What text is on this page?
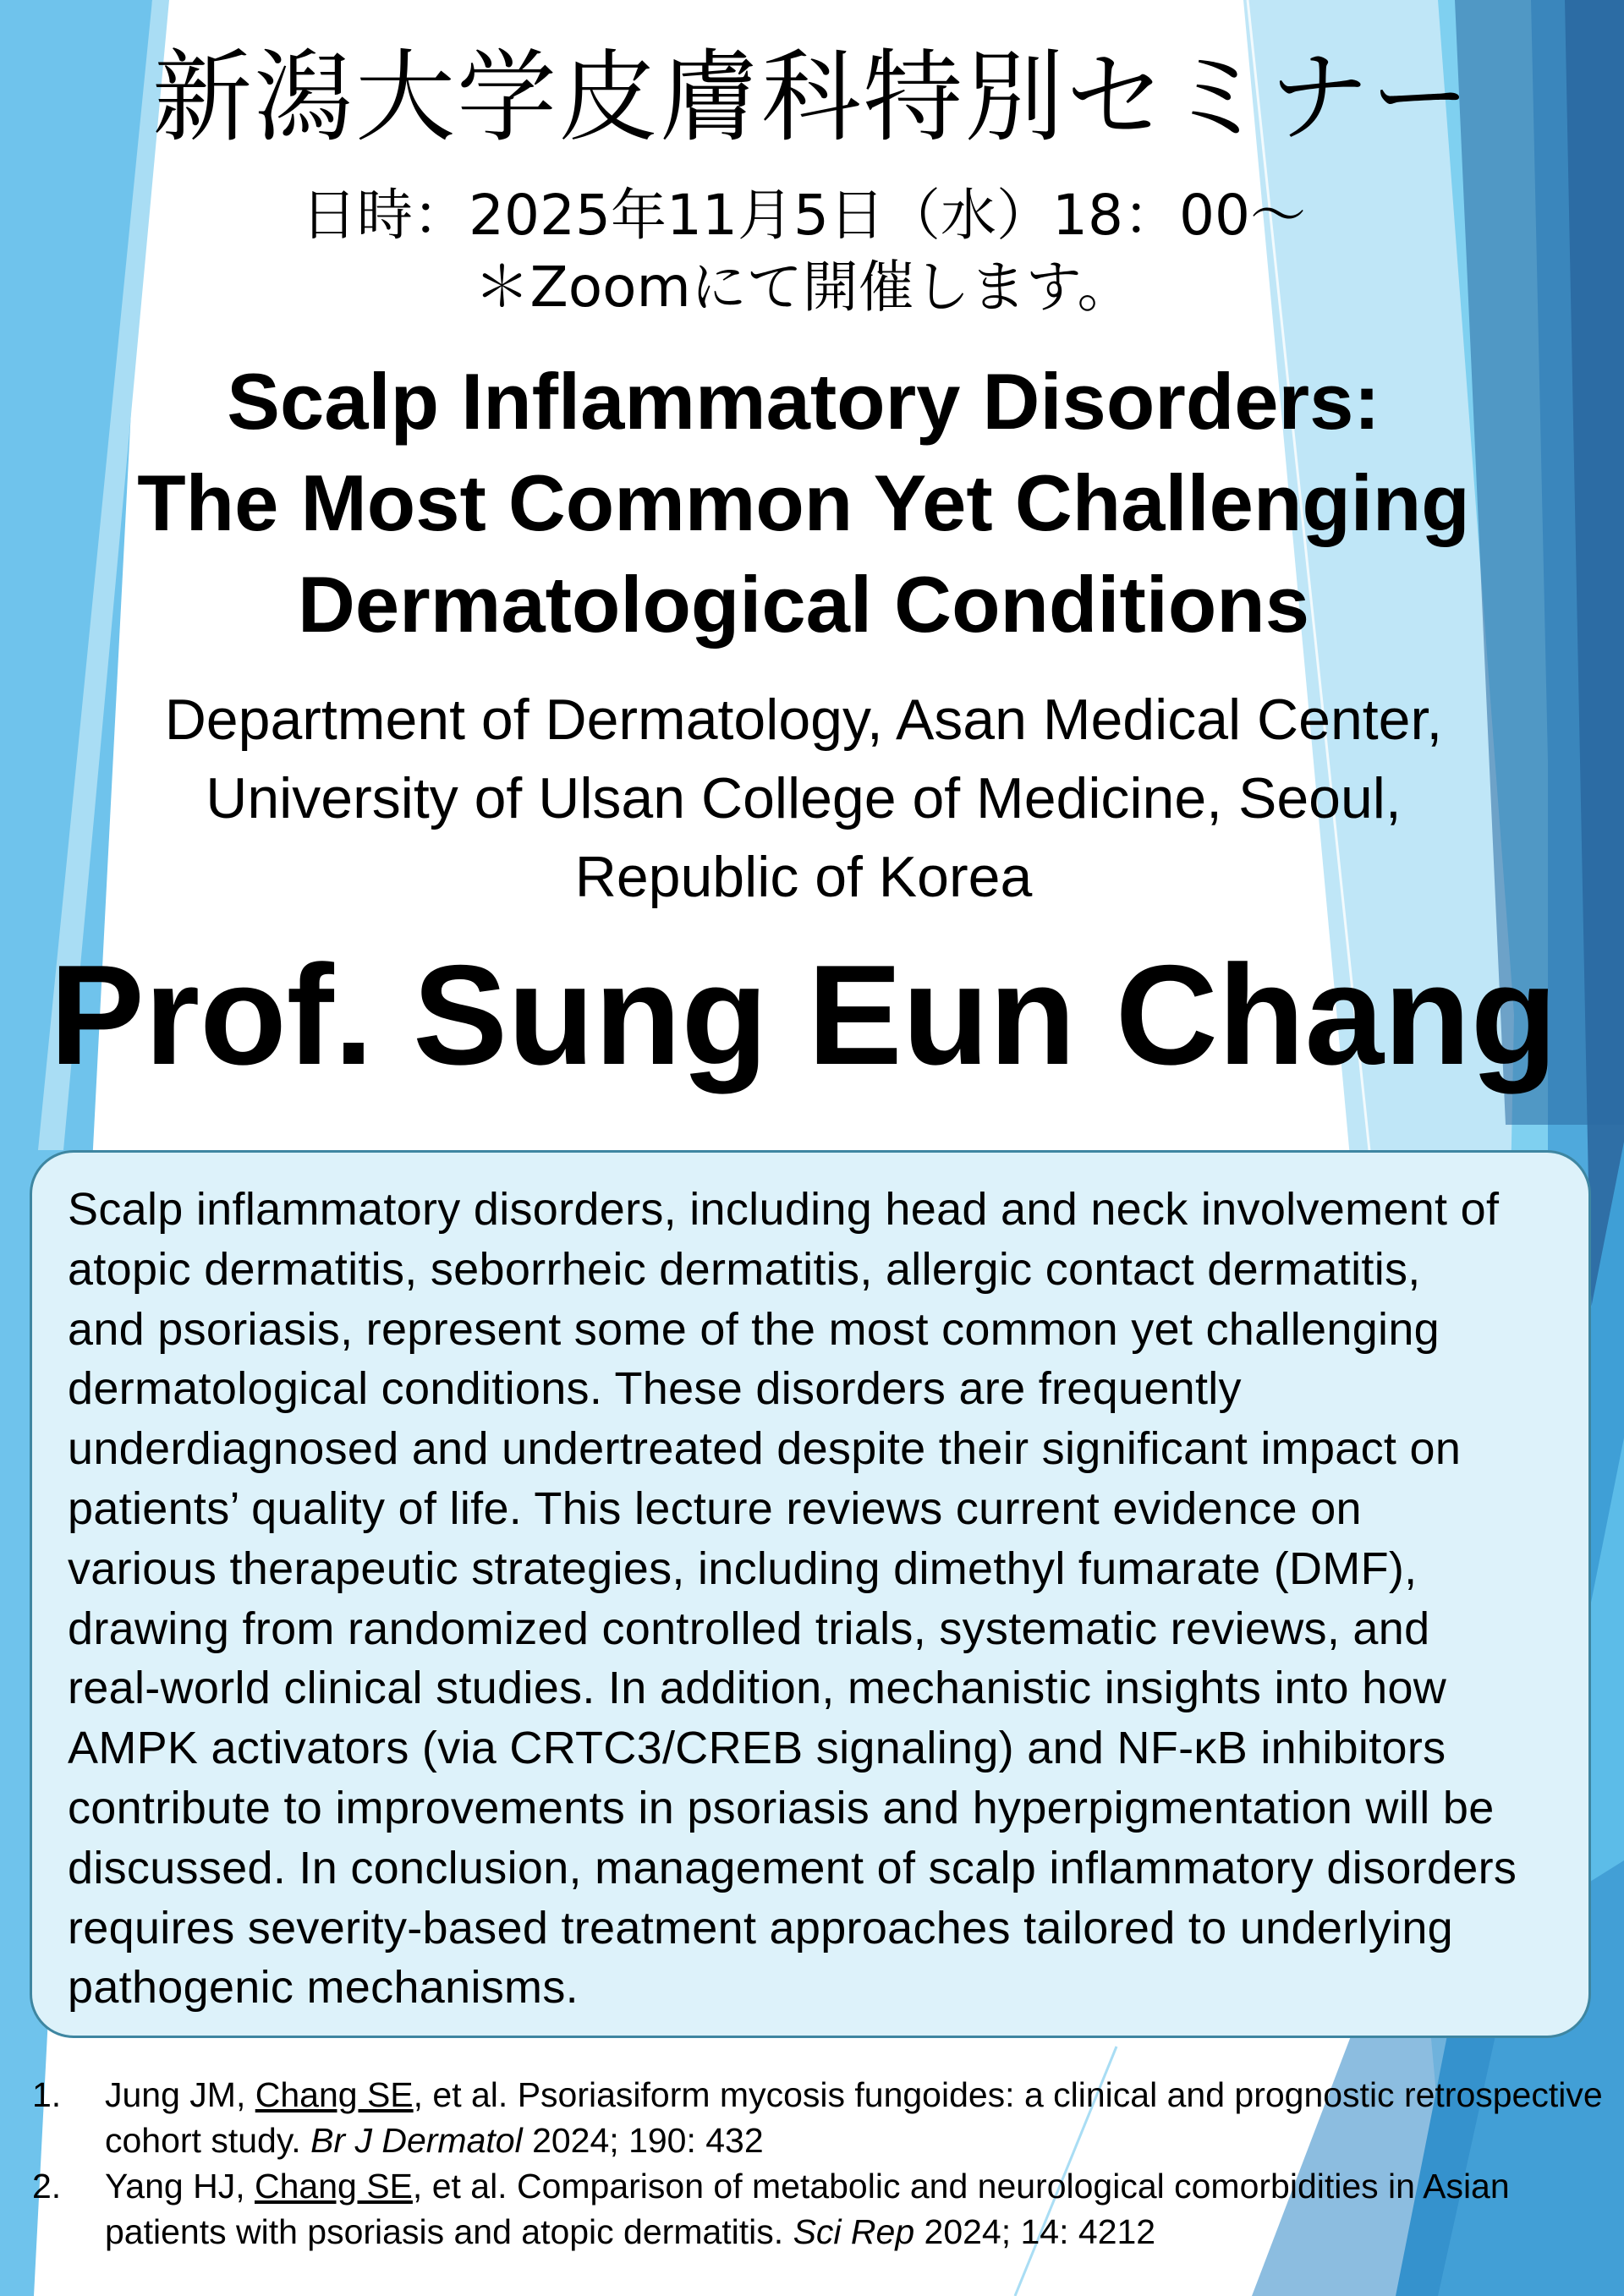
新潟大学皮膚科特別セミナー
日時：2025年11月5日（水）18：00～
＊Zoomにて開催します。
Scalp Inflammatory Disorders:
The Most Common Yet Challenging
Dermatological Conditions
Department of Dermatology, Asan Medical Center,
University of Ulsan College of Medicine, Seoul,
Republic of Korea
Prof. Sung Eun Chang
Scalp inflammatory disorders, including head and neck involvement of
atopic dermatitis, seborrheic dermatitis, allergic contact dermatitis,
and psoriasis, represent some of the most common yet challenging
dermatological conditions. These disorders are frequently
underdiagnosed and undertreated despite their significant impact on
patients’ quality of life. This lecture reviews current evidence on
various therapeutic strategies, including dimethyl fumarate (DMF),
drawing from randomized controlled trials, systematic reviews, and
real-world clinical studies. In addition, mechanistic insights into how
AMPK activators (via CRTC3/CREB signaling) and NF-κB inhibitors
contribute to improvements in psoriasis and hyperpigmentation will be
discussed. In conclusion, management of scalp inflammatory disorders
requires severity-based treatment approaches tailored to underlying
pathogenic mechanisms.
1. Jung JM, Chang SE, et al. Psoriasiform mycosis fungoides: a clinical and prognostic retrospective cohort study. Br J Dermatol 2024; 190: 432
2. Yang HJ, Chang SE, et al. Comparison of metabolic and neurological comorbidities in Asian patients with psoriasis and atopic dermatitis. Sci Rep 2024; 14: 4212
